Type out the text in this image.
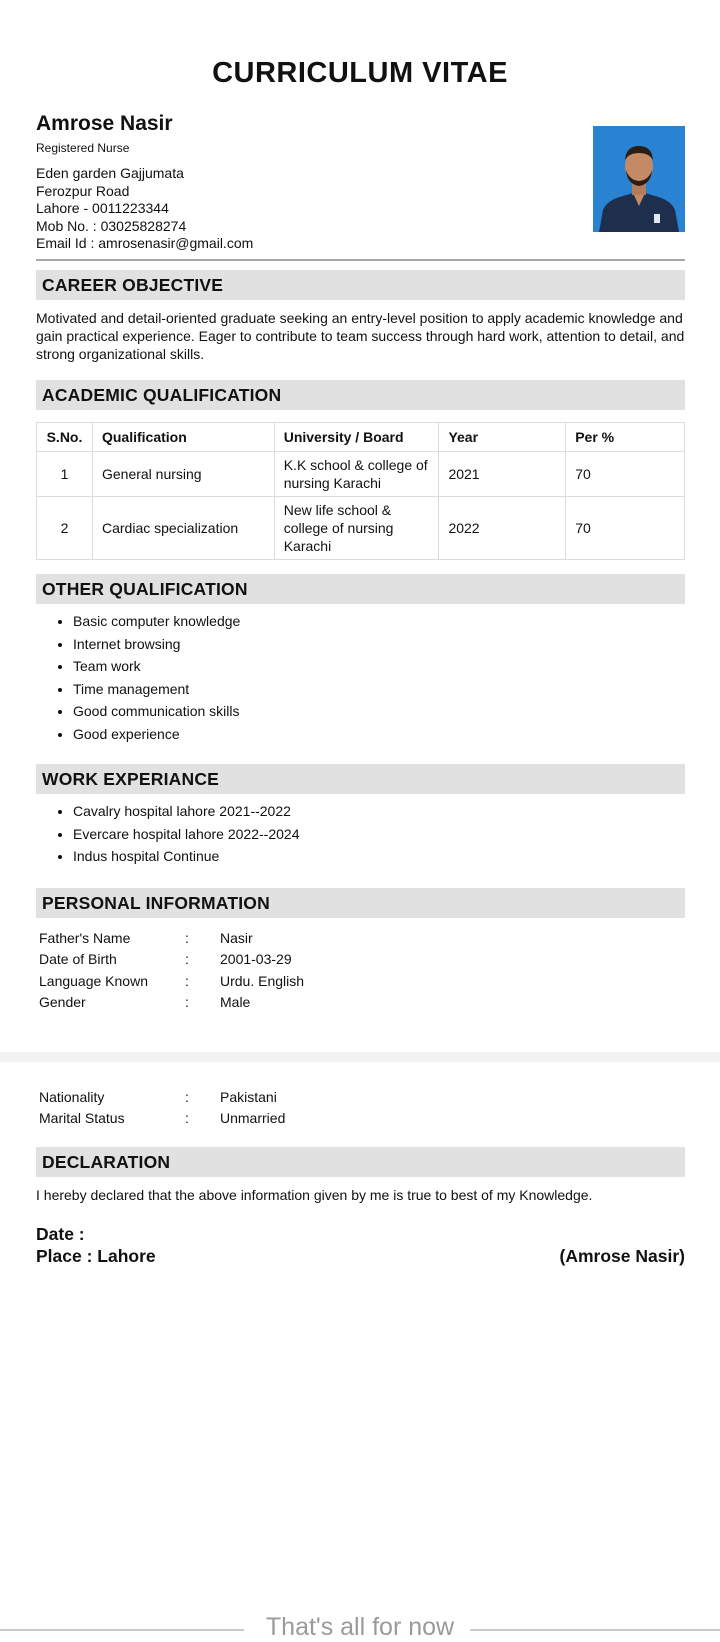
CURRICULUM VITAE
Amrose Nasir
Registered Nurse
Eden garden Gajjumata
Ferozpur Road
Lahore - 0011223344
Mob No. : 03025828274
Email Id : amrosenasir@gmail.com
CAREER OBJECTIVE

Motivated and detail-oriented graduate seeking an entry-level position to apply academic knowledge and gain practical experience. Eager to contribute to team success through hard work, attention to detail, and strong organizational skills.

ACADEMIC QUALIFICATION
S.No.	Qualification	University / Board	Year	Per %
1	General nursing	K.K school & college of nursing Karachi	2021	70
2	Cardiac specialization	New life school & college of nursing Karachi	2022	70
OTHER QUALIFICATION
• Basic computer knowledge
• Internet browsing
• Team work
• Time management
• Good communication skills
• Good experience
WORK EXPERIANCE
• Cavalry hospital lahore 2021--2022
• Evercare hospital lahore 2022--2024
• Indus hospital Continue
PERSONAL INFORMATION
Father's Name	: Nasir
Date of Birth	: 2001-03-29
Language Known	: Urdu. English
Gender	: Male
Nationality	: Pakistani
Marital Status	: Unmarried
DECLARATION

I hereby declared that the above information given by me is true to best of my Knowledge.

Date :
Place : Lahore	(Amrose Nasir)
That's all for now
